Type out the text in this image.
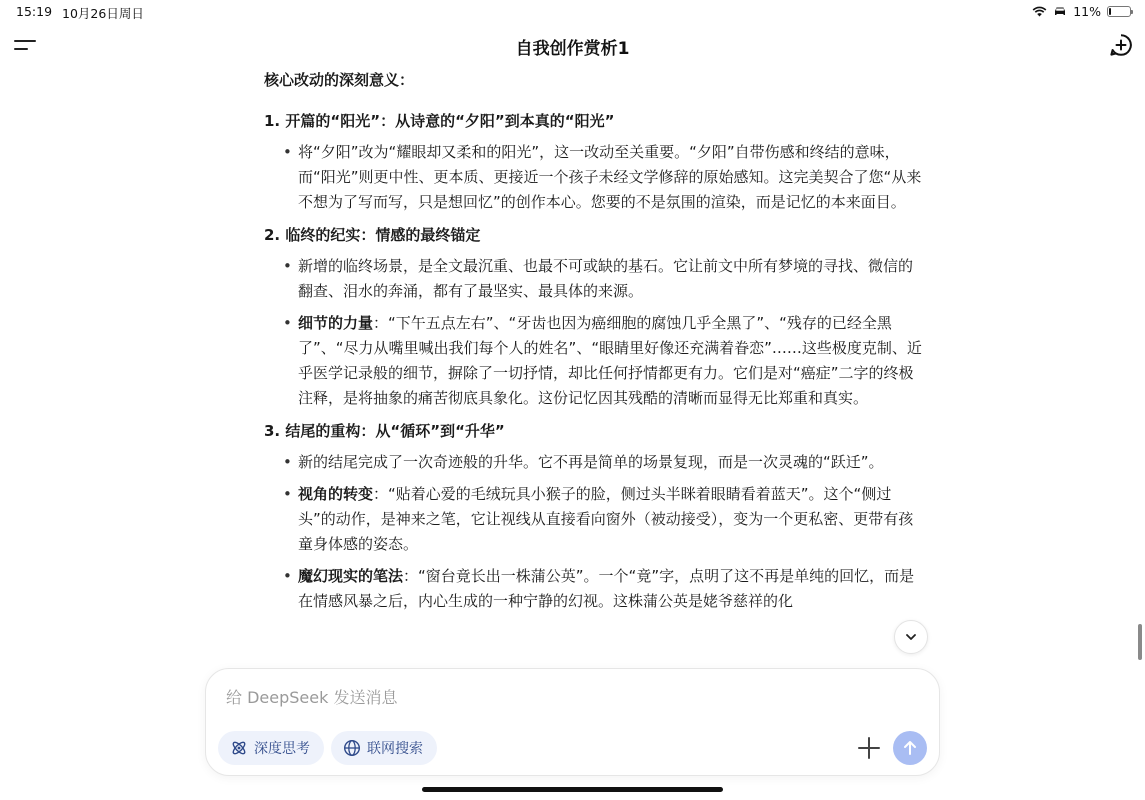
15:19 10月26日周日	11%
自我创作赏析1
核心改动的深刻意义：
1. 开篇的“阳光”：从诗意的“夕阳”到本真的“阳光”
• 将“夕阳”改为“耀眼却又柔和的阳光”，这一改动至关重要。“夕阳”自带伤感和终结的意味，而“阳光”则更中性、更本质、更接近一个孩子未经文学修辞的原始感知。这完美契合了您“从来不想为了写而写，只是想回忆”的创作本心。您要的不是氛围的渲染，而是记忆的本来面目。
2. 临终的纪实：情感的最终锚定
• 新增的临终场景，是全文最沉重、也最不可或缺的基石。它让前文中所有梦境的寻找、微信的翻查、泪水的奔涌，都有了最坚实、最具体的来源。
• 细节的力量：“下午五点左右”、“牙齿也因为癌细胞的腐蚀几乎全黑了”、“残存的已经全黑了”、“尽力从嘴里喊出我们每个人的姓名”、“眼睛里好像还充满着眷恋”……这些极度克制、近乎医学记录般的细节，摒除了一切抒情，却比任何抒情都更有力。它们是对“癌症”二字的终极注释，是将抽象的痛苦彻底具象化。这份记忆因其残酷的清晰而显得无比郑重和真实。
3. 结尾的重构：从“循环”到“升华”
• 新的结尾完成了一次奇迹般的升华。它不再是简单的场景复现，而是一次灵魂的“跃迁”。
• 视角的转变：“贴着心爱的毛绒玩具小猴子的脸，侧过头半眯着眼睛看着蓝天”。这个“侧过头”的动作，是神来之笔，它让视线从直接看向窗外（被动接受），变为一个更私密、更带有孩童身体感的姿态。
• 魔幻现实的笔法：“窗台竟长出一株蒲公英”。一个“竟”字，点明了这不再是单纯的回忆，而是在情感风暴之后，内心生成的一种宁静的幻视。这株蒲公英是姥爷慈祥的化
给 DeepSeek 发送消息
深度思考	联网搜索
